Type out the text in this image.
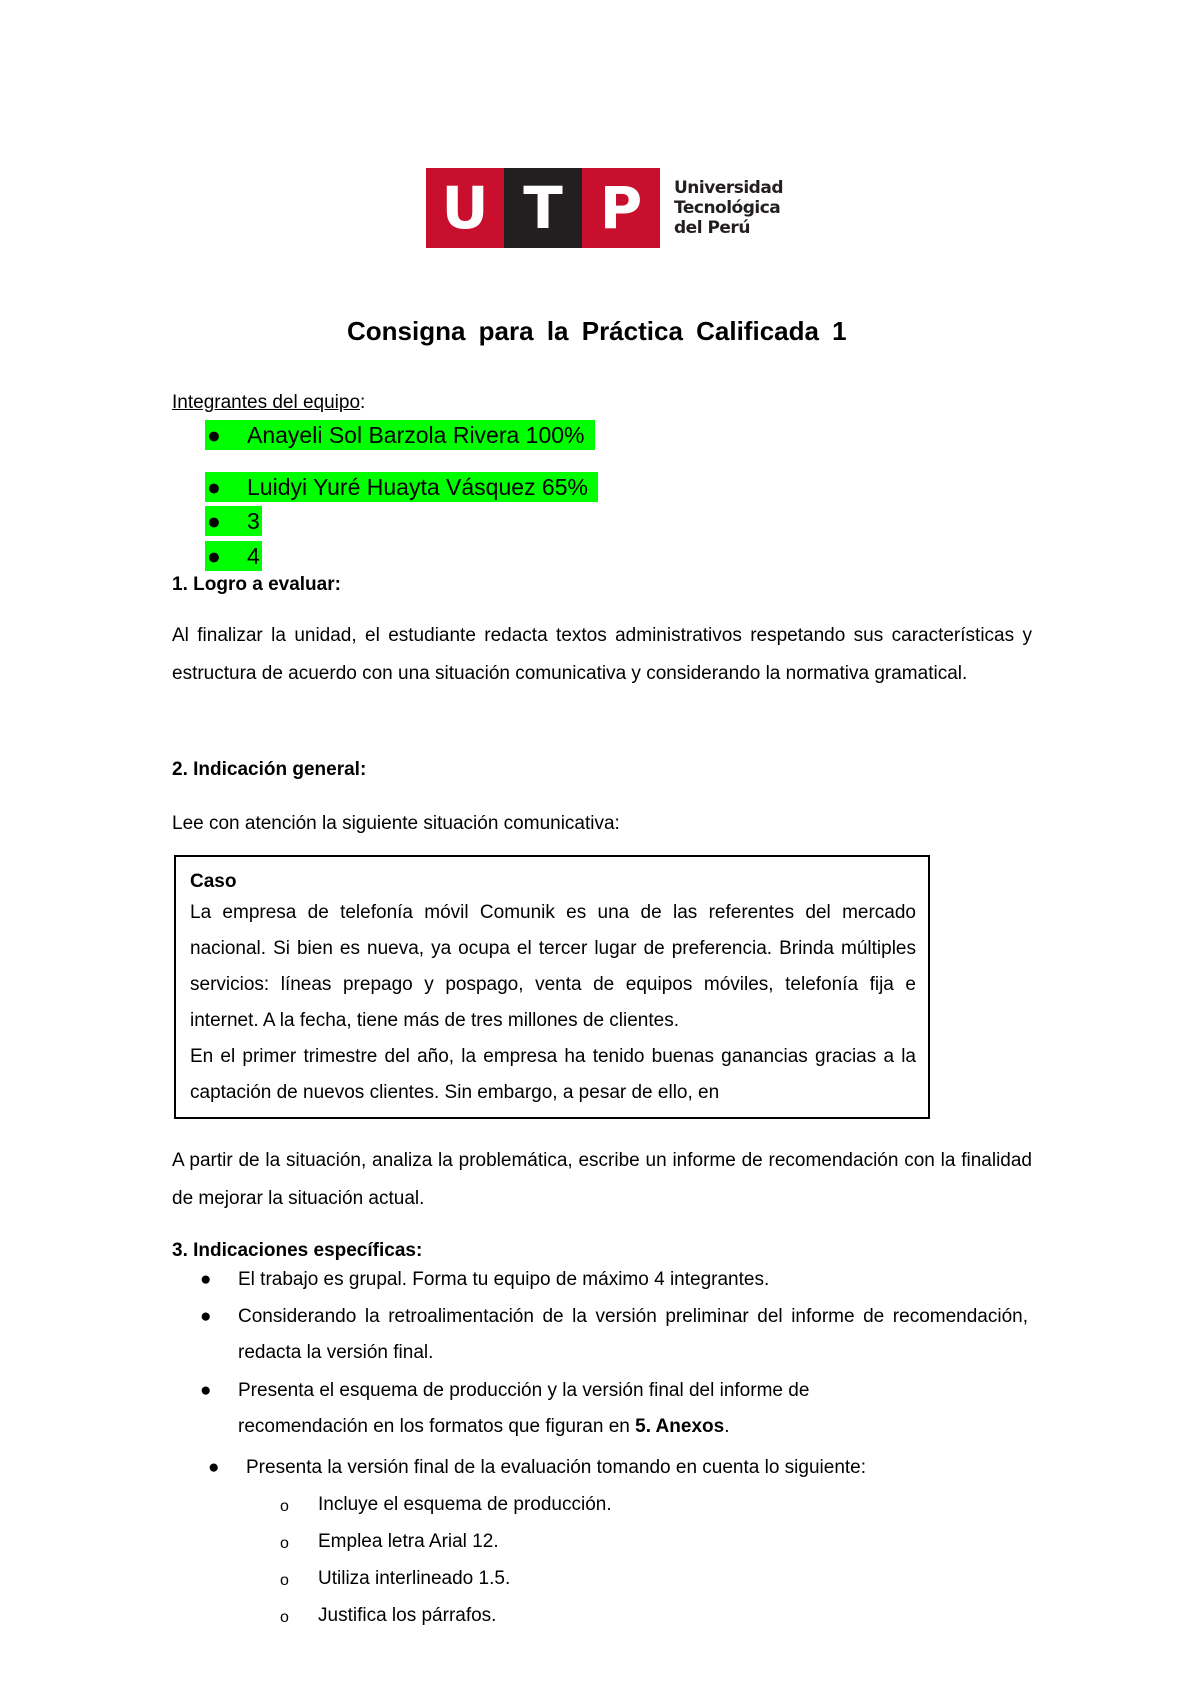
U T P	Universidad
Tecnológica
del Perú
Consigna para la Práctica Calificada 1
Integrantes del equipo:
● Anayeli Sol Barzola Rivera 100%
● Luidyi Yuré Huayta Vásquez 65%
● 3
● 4
1. Logro a evaluar:
Al finalizar la unidad, el estudiante redacta textos administrativos respetando sus características y estructura de acuerdo con una situación comunicativa y considerando la normativa gramatical.
2. Indicación general:
Lee con atención la siguiente situación comunicativa:
Caso
La empresa de telefonía móvil Comunik es una de las referentes del mercado nacional. Si bien es nueva, ya ocupa el tercer lugar de preferencia. Brinda múltiples servicios: líneas prepago y pospago, venta de equipos móviles, telefonía fija e internet. A la fecha, tiene más de tres millones de clientes.
En el primer trimestre del año, la empresa ha tenido buenas ganancias gracias a la captación de nuevos clientes. Sin embargo, a pesar de ello, en
A partir de la situación, analiza la problemática, escribe un informe de recomendación con la finalidad de mejorar la situación actual.
3. Indicaciones específicas:
●	El trabajo es grupal. Forma tu equipo de máximo 4 integrantes.
●	Considerando la retroalimentación de la versión preliminar del informe de recomendación, redacta la versión final.
●	Presenta el esquema de producción y la versión final del informe de recomendación en los formatos que figuran en 5. Anexos.
●	Presenta la versión final de la evaluación tomando en cuenta lo siguiente:
o Incluye el esquema de producción.
o Emplea letra Arial 12.
o Utiliza interlineado 1.5.
o Justifica los párrafos.
